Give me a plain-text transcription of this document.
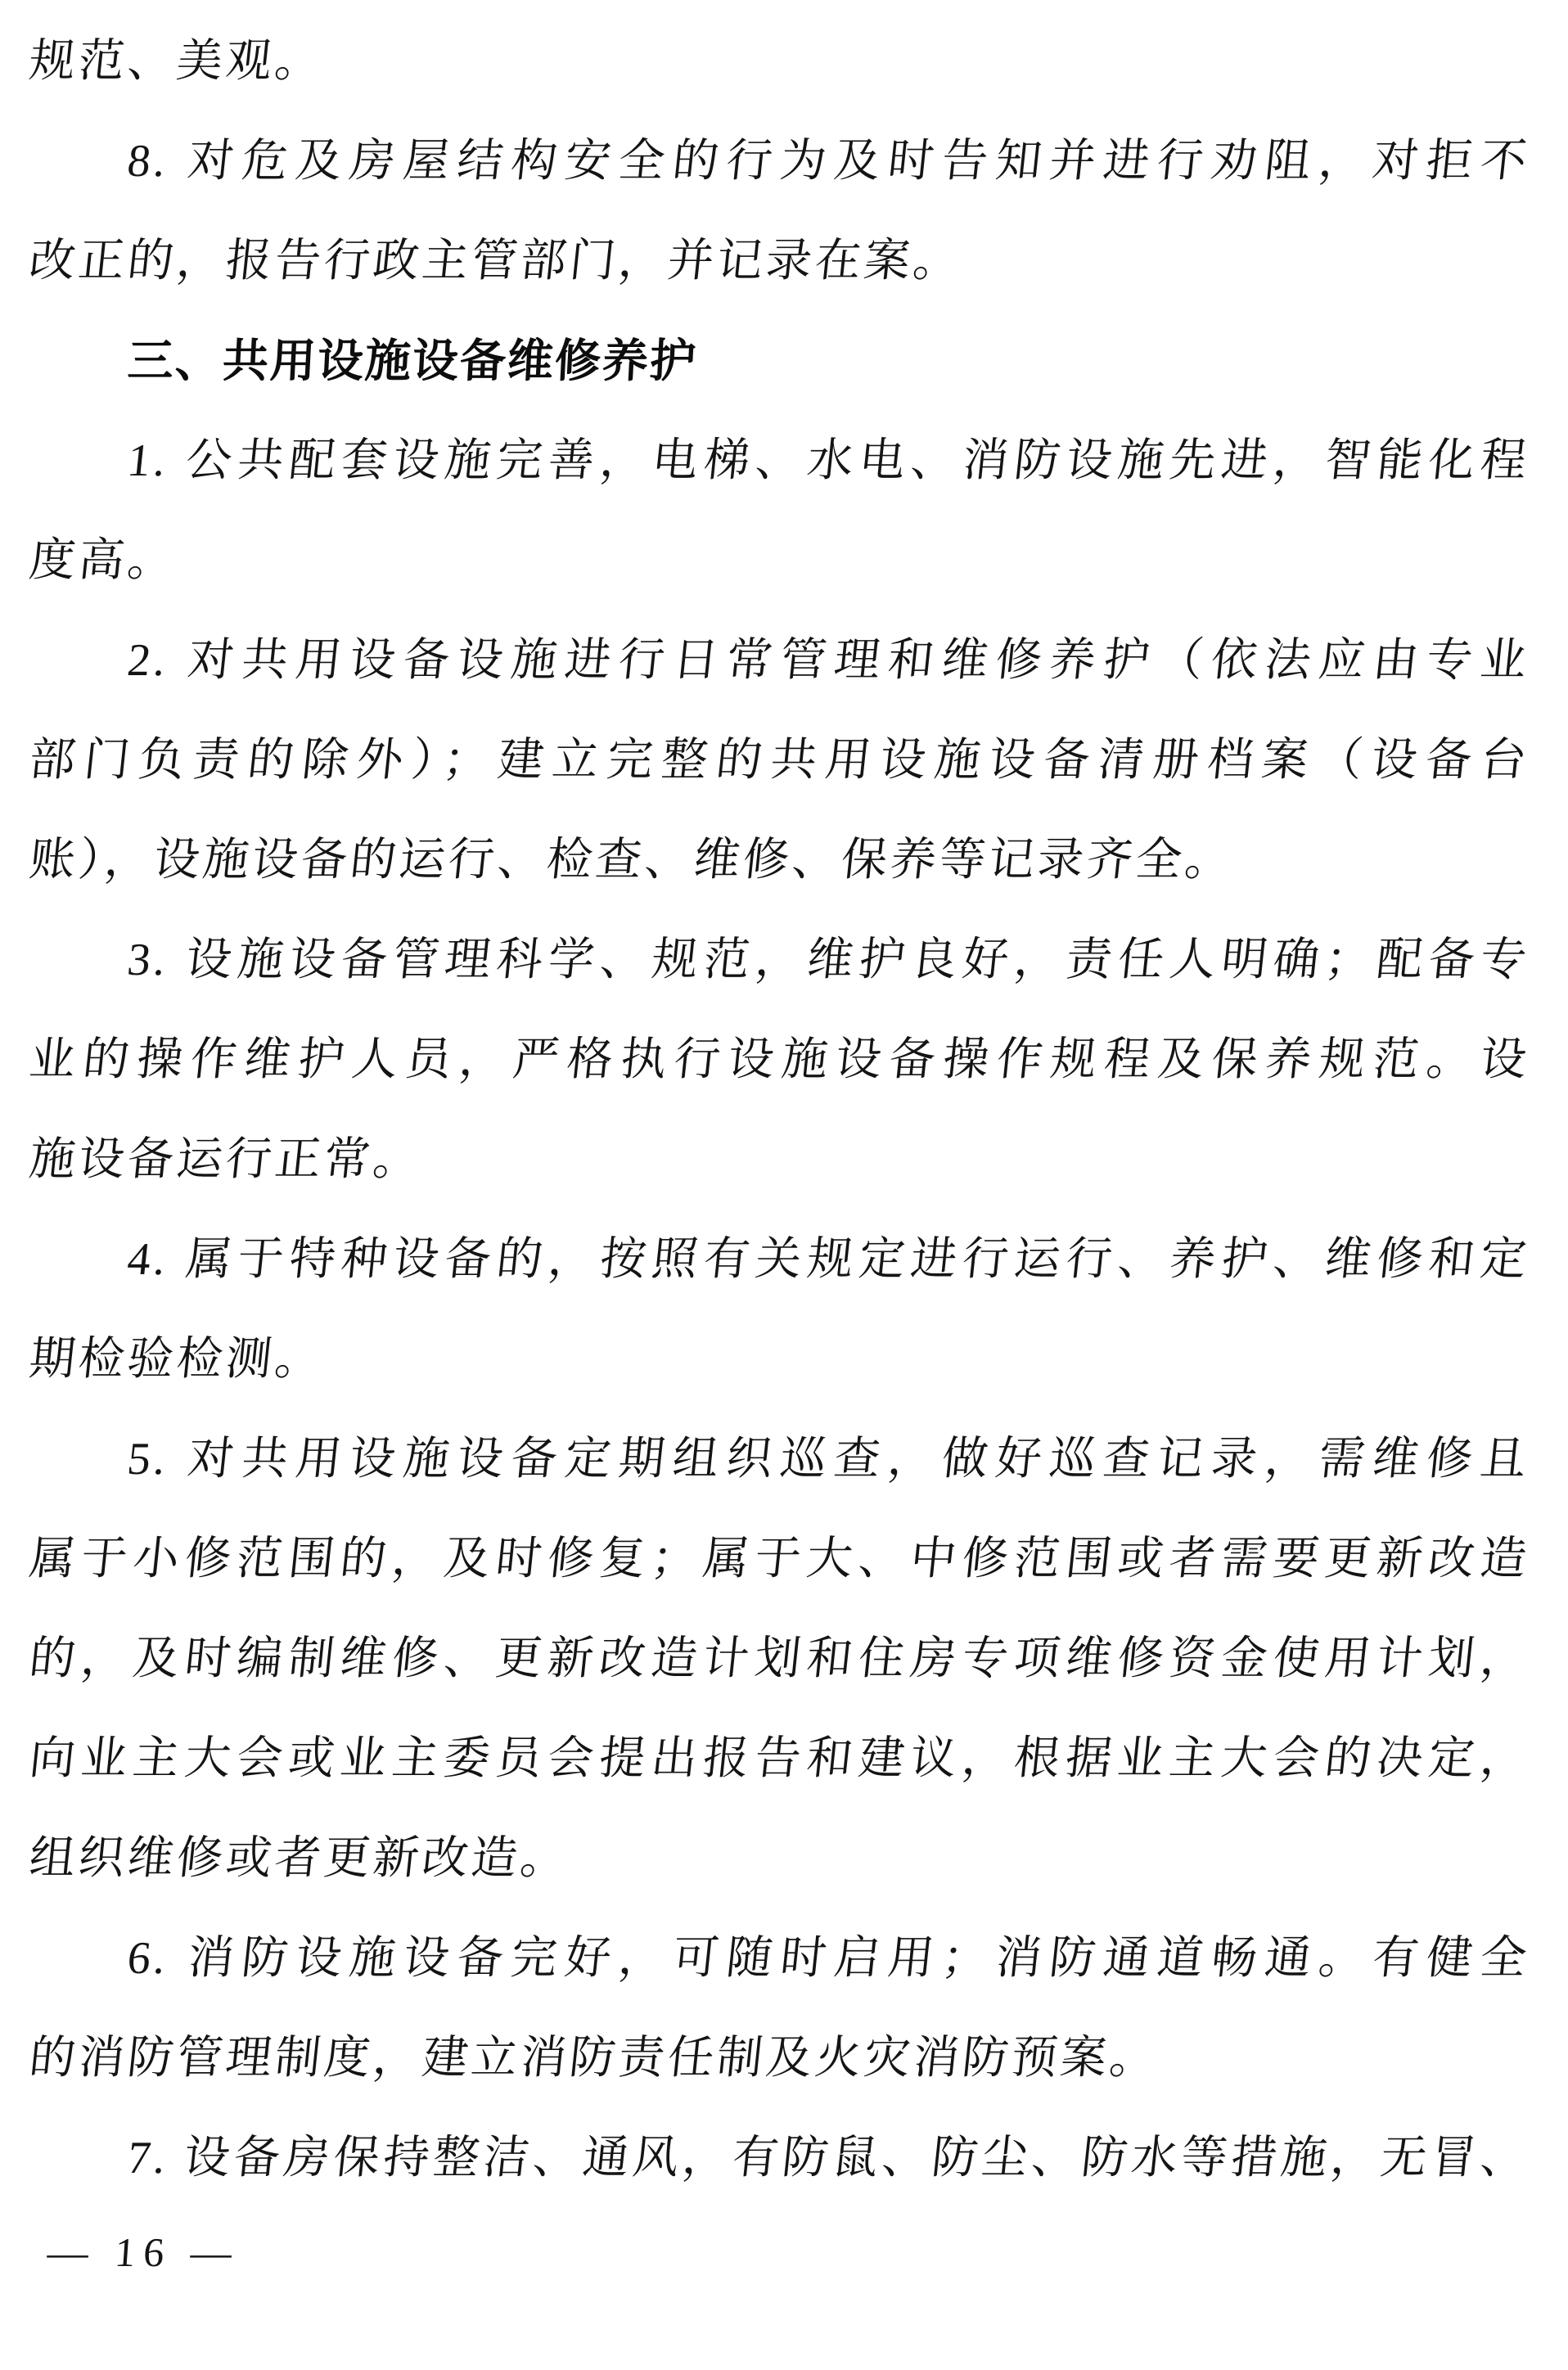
规范、美观。

8. 对危及房屋结构安全的行为及时告知并进行劝阻，对拒不
改正的，报告行政主管部门，并记录在案。

三、共用设施设备维修养护

1. 公共配套设施完善，电梯、水电、消防设施先进，智能化程
度高。

2. 对共用设备设施进行日常管理和维修养护（依法应由专业
部门负责的除外）；建立完整的共用设施设备清册档案（设备台
账），设施设备的运行、检查、维修、保养等记录齐全。

3. 设施设备管理科学、规范，维护良好，责任人明确；配备专
业的操作维护人员，严格执行设施设备操作规程及保养规范。设
施设备运行正常。

4. 属于特种设备的，按照有关规定进行运行、养护、维修和定
期检验检测。

5. 对共用设施设备定期组织巡查，做好巡查记录，需维修且
属于小修范围的，及时修复；属于大、中修范围或者需要更新改造
的，及时编制维修、更新改造计划和住房专项维修资金使用计划，
向业主大会或业主委员会提出报告和建议，根据业主大会的决定，
组织维修或者更新改造。

6. 消防设施设备完好，可随时启用；消防通道畅通。有健全
的消防管理制度，建立消防责任制及火灾消防预案。

7. 设备房保持整洁、通风，有防鼠、防尘、防水等措施，无冒、

— 16 —
